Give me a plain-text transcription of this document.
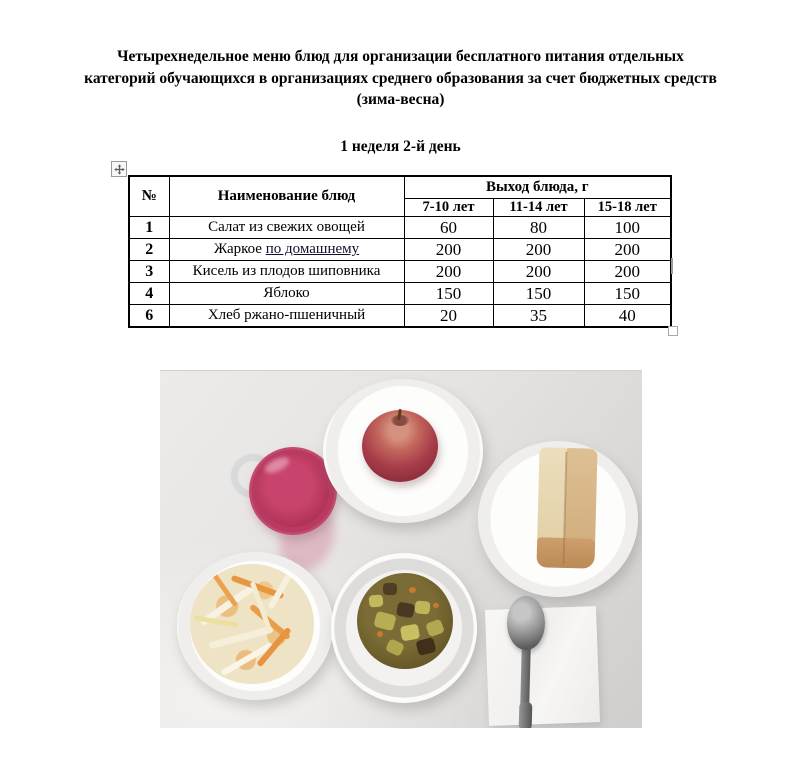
Четырехнедельное меню блюд для организации бесплатного питания отдельных
категорий обучающихся в организациях среднего образования за счет бюджетных средств
(зима-весна)
1 неделя 2-й день
№	Наименование блюд	Выход блюда, г		
		7-10 лет	11-14 лет	15-18 лет
1	Салат из свежих овощей	60	80	100
2	Жаркое по домашнему	200	200	200
3	Кисель из плодов шиповника	200	200	200
4	Яблоко	150	150	150
6	Хлеб ржано-пшеничный	20	35	40
